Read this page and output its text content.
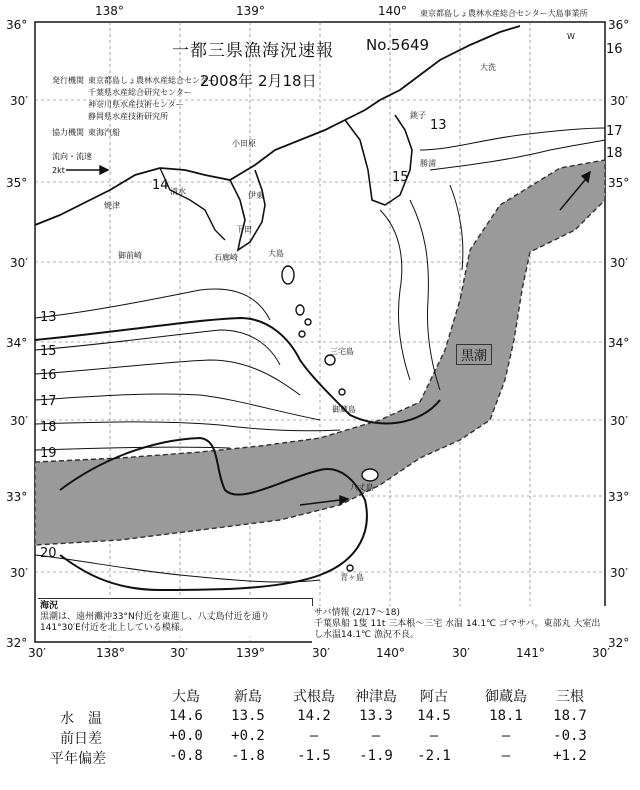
36°
30′
35°
30′
34°
30′
33°
30′
32°
36°
30′
35°
30′
34°
30′
33°
30′
32°
138°	139°	140° 東京都島しょ農林水産総合センター大島事業所
30′	138°	30′	139°	30′	140°	30′	141°	30′
一都三県漁海況速報 No.5649
2008年 2月18日
発行機関 東京都島しょ農林水産総合センター
千葉県水産総合研究センター
神奈川県水産技術センター
静岡県水産技術研究所
協力機関 東海汽船
流向・流速
2kt
大洗
小田原
伊東
下田
石廊崎	大島
三宅島
御蔵島
八丈島
清水
焼津
御前崎
青ヶ島
銚子
勝浦
14
13
15
16
17
18
19
20
13
15
16
17
18
W
黒潮
海況
黒潮は、遠州灘沖33°N付近を東進し、八丈島付近を通り141°30′E付近を北上している模様。
サバ情報 (2/17〜18)
千葉県船 1隻 11t 三本根〜三宅 水温 14.1℃ ゴマサバ。東部丸 大室出し水温14.1℃ 漁況不良。
大島	新島	式根島	神津島	阿古	御蔵島	三根
水　温	14.6	13.5	14.2	13.3	14.5	18.1	18.7
前日差	+0.0	+0.2	—	—	—	—	-0.3
平年偏差	-0.8	-1.8	-1.5	-1.9	-2.1	—	+1.2
